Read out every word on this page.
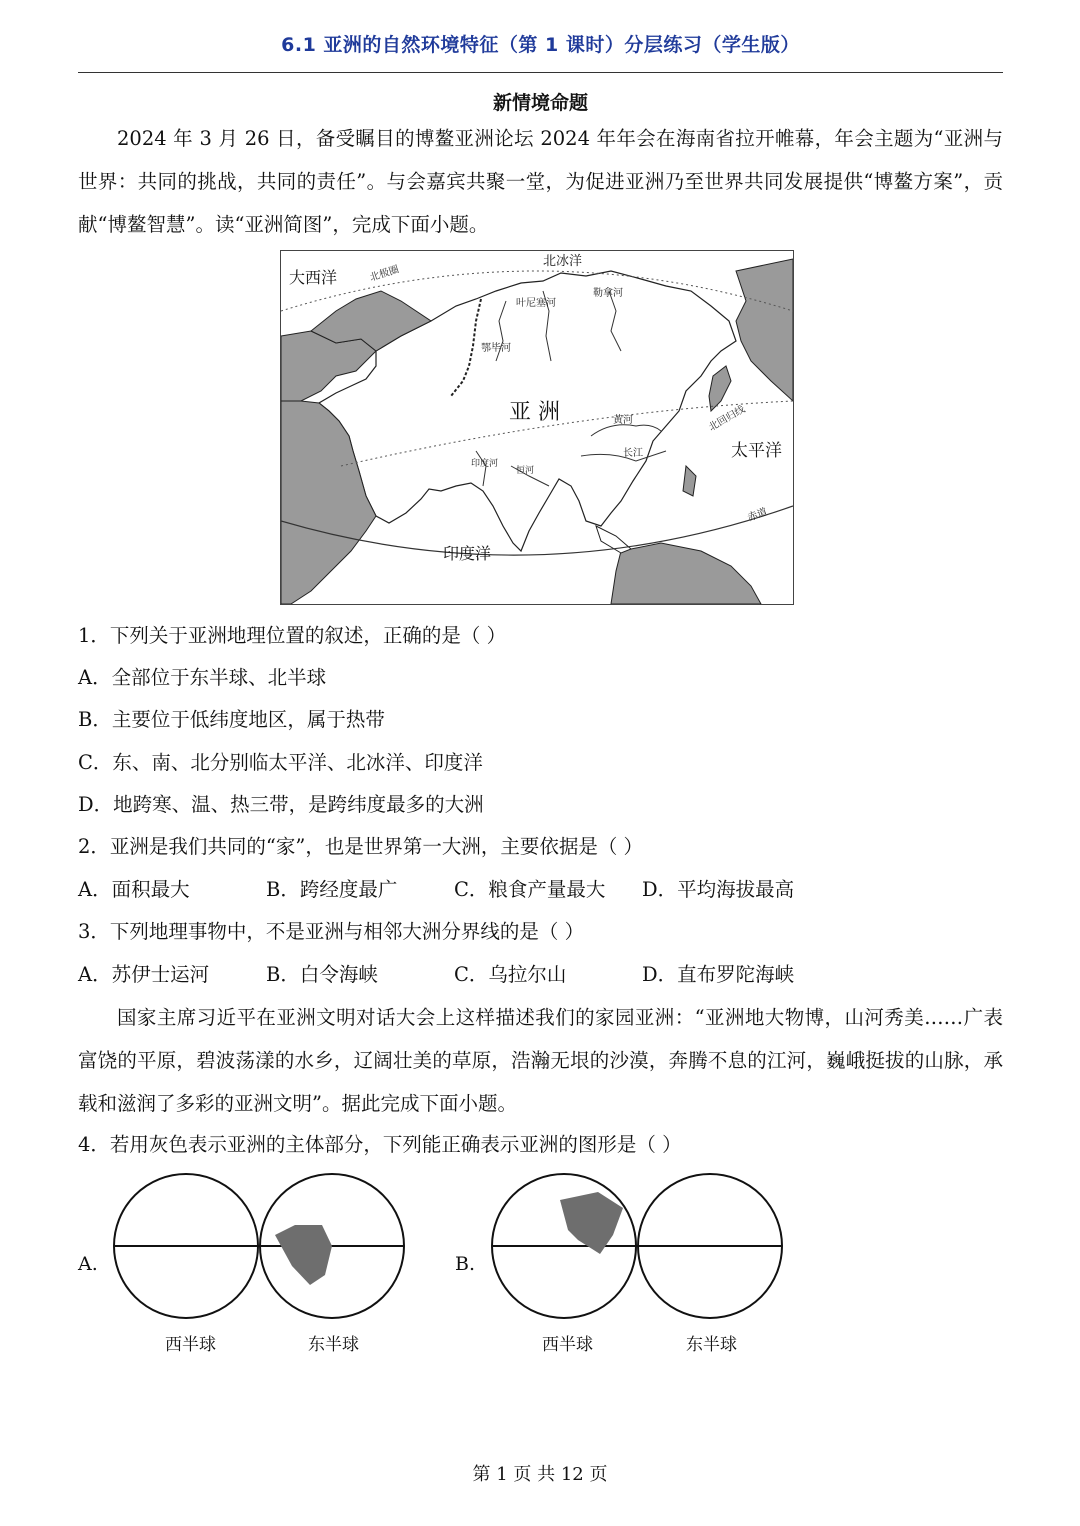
6.1 亚洲的自然环境特征（第 1 课时）分层练习（学生版）
新情境命题

2024 年 3 月 26 日，备受瞩目的博鳌亚洲论坛 2024 年年会在海南省拉开帷幕，年会主题为“亚洲与世界：共同的挑战，共同的责任”。与会嘉宾共聚一堂，为促进亚洲乃至世界共同发展提供“博鳌方案”，贡献“博鳌智慧”。读“亚洲简图”，完成下面小题。

大西洋	北极圈
北冰洋
勒拿河
叶尼塞河
鄂毕河
亚 洲	黄河
长江
北回归线
太平洋
印度河
恒河
印度洋
赤道
1．下列关于亚洲地理位置的叙述，正确的是（ ）
A．全部位于东半球、北半球
B．主要位于低纬度地区，属于热带
C．东、南、北分别临太平洋、北冰洋、印度洋
D．地跨寒、温、热三带，是跨纬度最多的大洲
2．亚洲是我们共同的“家”，也是世界第一大洲，主要依据是（ ）
A．面积最大	B．跨经度最广	C．粮食产量最大 D．平均海拔最高
3．下列地理事物中，不是亚洲与相邻大洲分界线的是（ ）
A．苏伊士运河	B．白令海峡	C．乌拉尔山	D．直布罗陀海峡

国家主席习近平在亚洲文明对话大会上这样描述我们的家园亚洲：“亚洲地大物博，山河秀美……广表富饶的平原，碧波荡漾的水乡，辽阔壮美的草原，浩瀚无垠的沙漠，奔腾不息的江河，巍峨挺拔的山脉，承载和滋润了多彩的亚洲文明”。据此完成下面小题。

4．若用灰色表示亚洲的主体部分，下列能正确表示亚洲的图形是（ ）
A.
西半球	东半球
B.
西半球	东半球
第 1 页 共 12 页
